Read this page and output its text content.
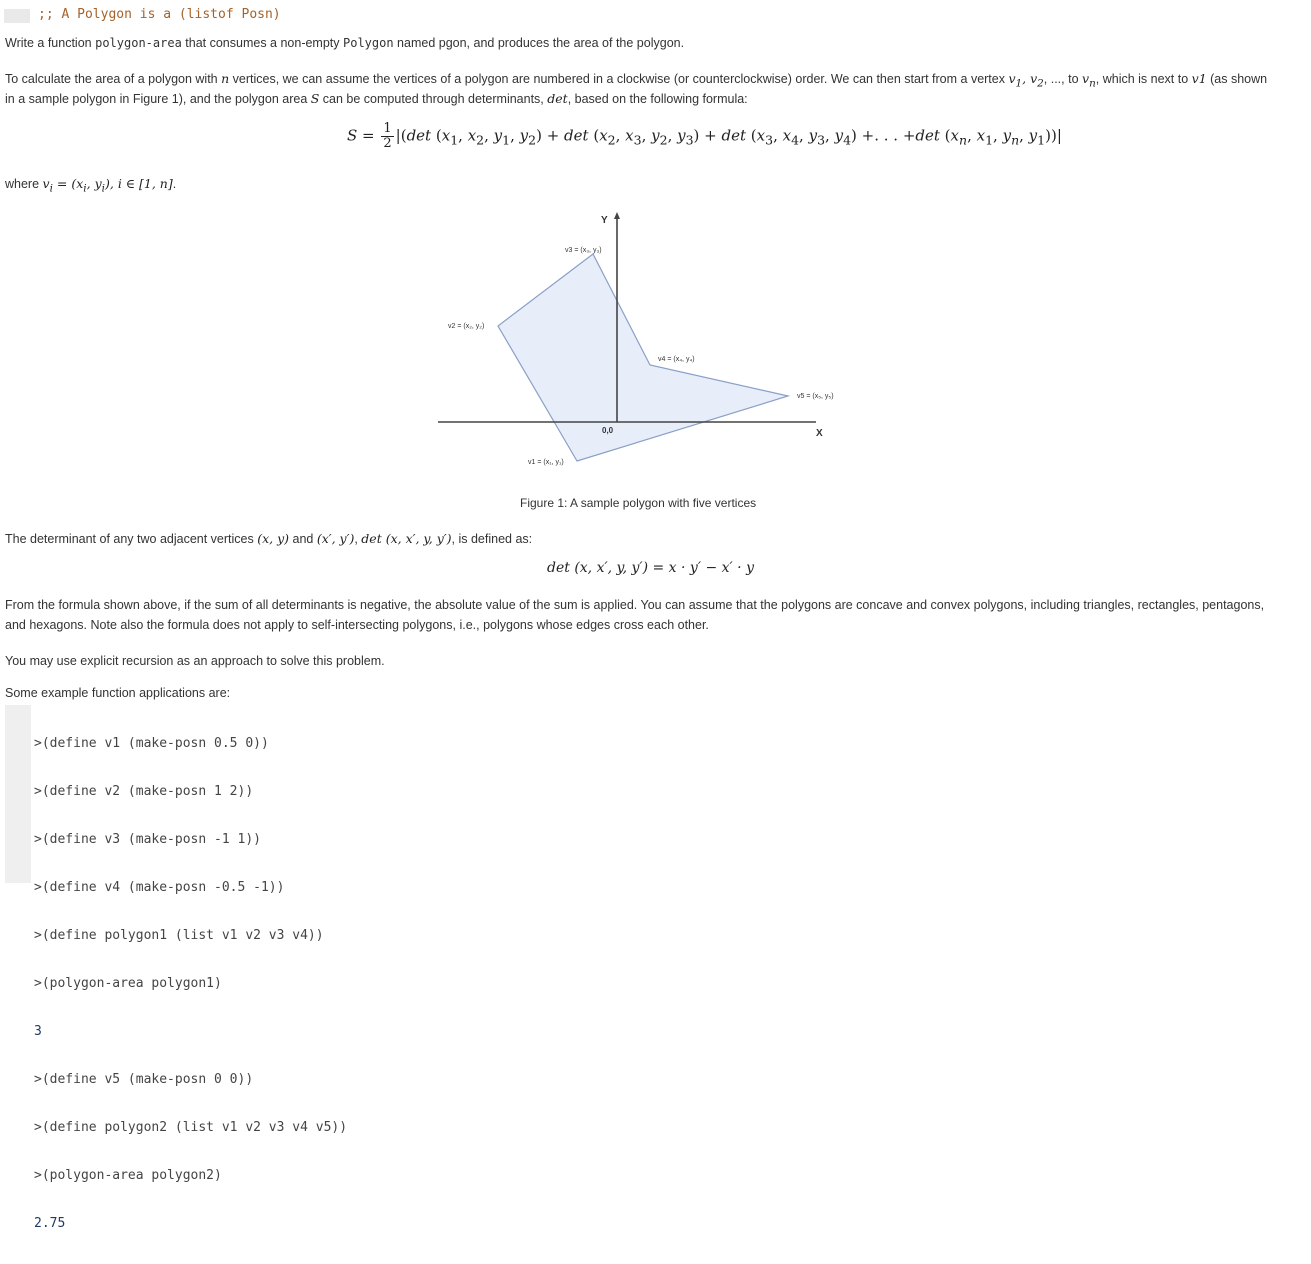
;; A Polygon is a (listof Posn)
Write a function polygon-area that consumes a non-empty Polygon named pgon, and produces the area of the polygon.
To calculate the area of a polygon with n vertices, we can assume the vertices of a polygon are numbered in a clockwise (or counterclockwise) order. We can then start from a vertex $v_1$, $v_2$, ..., to $v_n$, which is next to v1 (as shown
in a sample polygon in Figure 1), and the polygon area S can be computed through determinants, det, based on the following formula:
$S = \frac{1}{2} |(\det$ ($x_1$, $x_2$, $y_1$, $y_2) + \det (x_2$, $x_3$, $y_2$, $y_3) + \det (x_3$, $x_4$, $y_3$, $y_4$) +. . . +det ($x_n$, $x_1$, $y_n$, $y_1))|$
where $v_i = (x_i$, $y_i$), i ∈ [1, n].
Y
X
0,0
v3 = (x₃, y₃)
v2 = (x₂, y₂)
v4 = (x₄, y₄)
v5 = (x₅, y₅)
v1 = (x₁, y₁)
Figure 1: A sample polygon with five vertices
The determinant of any two adjacent vertices (x, y) and (x′, y′), det (x, x′, y, y′), is defined as:
det (x, x′, y, y′) = x · y′ − x′ · y
From the formula shown above, if the sum of all determinants is negative, the absolute value of the sum is applied. You can assume that the polygons are concave and convex polygons, including triangles, rectangles, pentagons,
and hexagons. Note also the formula does not apply to self-intersecting polygons, i.e., polygons whose edges cross each other.
You may use explicit recursion as an approach to solve this problem.
Some example function applications are:

>(define v1 (make-posn 0.5 0))

>(define v2 (make-posn 1 2))

>(define v3 (make-posn -1 1))

>(define v4 (make-posn -0.5 -1))

>(define polygon1 (list v1 v2 v3 v4))

>(polygon-area polygon1)

3

>(define v5 (make-posn 0 0))

>(define polygon2 (list v1 v2 v3 v4 v5))

>(polygon-area polygon2)

2.75
